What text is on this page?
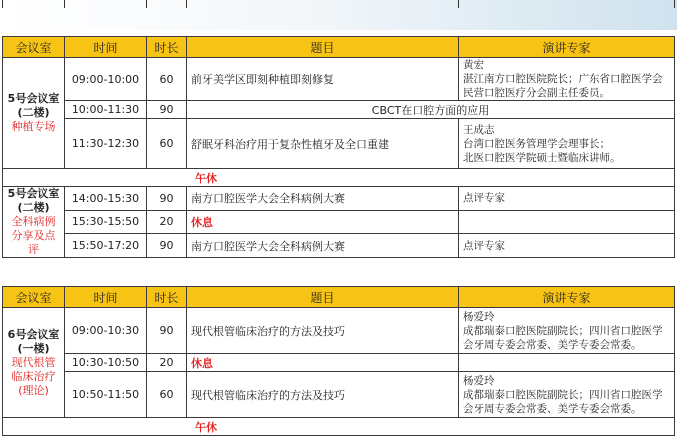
会议室	时间	时长	题目	演讲专家
5号会议室
(二楼)
种植专场	09:00-10:00	60	前牙美学区即刻种植即刻修复	黄宏
湛江南方口腔医院院长；广东省口腔医学会民营口腔医疗分会副主任委员。
	10:00-11:30	90	CBCT在口腔方面的应用	
	11:30-12:30	60	舒眠牙科治疗用于复杂性植牙及全口重建	王成志
台湾口腔医务管理学会理事长；
北医口腔医学院硕士暨临床讲师。
午休				
5号会议室
(二楼)
全科病例分享及点评	14:00-15:30	90	南方口腔医学大会全科病例大赛	点评专家
	15:30-15:50	20	休息	
	15:50-17:20	90	南方口腔医学大会全科病例大赛	点评专家
会议室	时间	时长	题目	演讲专家
6号会议室
(一楼)
现代根管临床治疗(理论)	09:00-10:30	90	现代根管临床治疗的方法及技巧	杨爱玲
成都瑞泰口腔医院副院长；四川省口腔医学会牙周专委会常委、美学专委会常委。
	10:30-10:50	20	休息	
	10:50-11:50	60	现代根管临床治疗的方法及技巧	杨爱玲
成都瑞泰口腔医院副院长；四川省口腔医学会牙周专委会常委、美学专委会常委。
午休				
